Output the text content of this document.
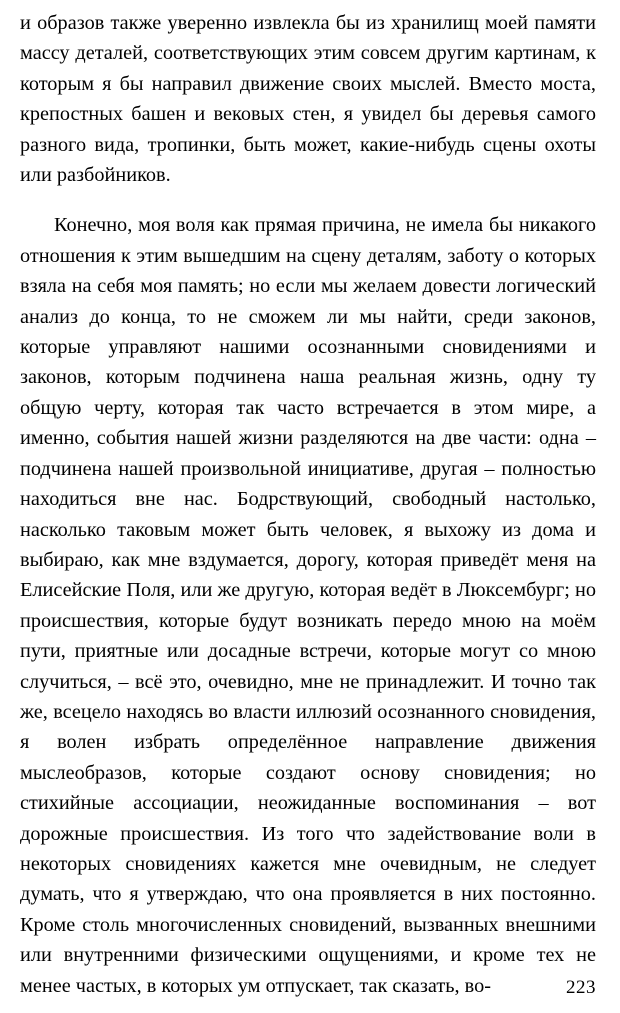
и образов также уверенно извлекла бы из хранилищ моей памяти массу деталей, соответствующих этим совсем другим картинам, к которым я бы направил движение своих мыслей. Вместо моста, крепостных башен и вековых стен, я увидел бы деревья самого разного вида, тропинки, быть может, какие-нибудь сцены охоты или разбойников.

Конечно, моя воля как прямая причина, не имела бы никакого отношения к этим вышедшим на сцену деталям, заботу о которых взяла на себя моя память; но если мы желаем довести логический анализ до конца, то не сможем ли мы найти, среди законов, которые управляют нашими осознанными сновидениями и законов, которым подчинена наша реальная жизнь, одну ту общую черту, которая так часто встречается в этом мире, а именно, события нашей жизни разделяются на две части: одна – подчинена нашей произвольной инициативе, другая – полностью находиться вне нас. Бодрствующий, свободный настолько, насколько таковым может быть человек, я выхожу из дома и выбираю, как мне вздумается, дорогу, которая приведёт меня на Елисейские Поля, или же другую, которая ведёт в Люксембург; но происшествия, которые будут возникать передо мною на моём пути, приятные или досадные встречи, которые могут со мною случиться, – всё это, очевидно, мне не принадлежит. И точно так же, всецело находясь во власти иллюзий осознанного сновидения, я волен избрать определённое направление движения мыслеобразов, которые создают основу сновидения; но стихийные ассоциации, неожиданные воспоминания – вот дорожные происшествия. Из того что задействование воли в некоторых сновидениях кажется мне очевидным, не следует думать, что я утверждаю, что она проявляется в них постоянно. Кроме столь многочисленных сновидений, вызванных внешними или внутренними физическими ощущениями, и кроме тех не менее частых, в которых ум отпускает, так сказать, во-	223
